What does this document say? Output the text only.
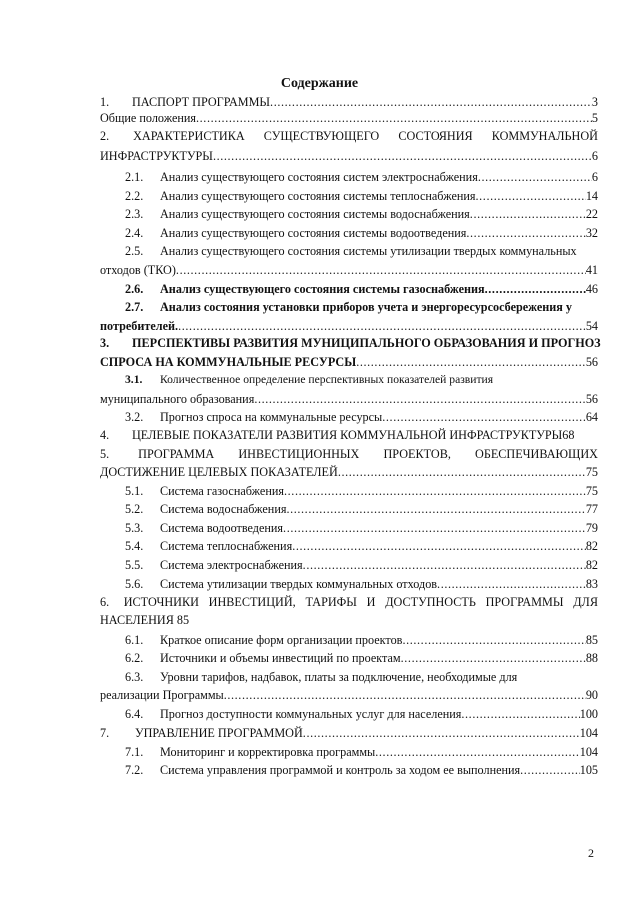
Содержание
1.	ПАСПОРТ ПРОГРАММЫ .....	3
Общие положения .....	5
2.	ХАРАКТЕРИСТИКА СУЩЕСТВУЮЩЕГО СОСТОЯНИЯ КОММУНАЛЬНОЙ
ИНФРАСТРУКТУРЫ .....	6
2.1.	Анализ существующего состояния систем электроснабжения .....	6
2.2.	Анализ существующего состояния системы теплоснабжения .....	14
2.3.	Анализ существующего состояния системы водоснабжения .....	22
2.4.	Анализ существующего состояния системы водоотведения .....	32
2.5. Анализ существующего состояния системы утилизации твердых коммунальных
отходов (ТКО) .....	41
2.6.	Анализ существующего состояния системы газоснабжения .....	46
2.7. Анализ состояния установки приборов учета и энергоресурсосбережения у
потребителей. .....	54
3. ПЕРСПЕКТИВЫ РАЗВИТИЯ МУНИЦИПАЛЬНОГО ОБРАЗОВАНИЯ И ПРОГНОЗ
СПРОСА НА КОММУНАЛЬНЫЕ РЕСУРСЫ .....	56
3.1. Количественное определение перспективных показателей развития
муниципального образования .....	56
3.2.	Прогноз спроса на коммунальные ресурсы .....	64
4. ЦЕЛЕВЫЕ ПОКАЗАТЕЛИ РАЗВИТИЯ КОММУНАЛЬНОЙ ИНФРАСТРУКТУРЫ68
5.	ПРОГРАММА ИНВЕСТИЦИОННЫХ ПРОЕКТОВ, ОБЕСПЕЧИВАЮЩИХ
ДОСТИЖЕНИЕ ЦЕЛЕВЫХ ПОКАЗАТЕЛЕЙ .....	75
5.1.	Система газоснабжения .....	75
5.2.	Система водоснабжения .....	77
5.3.	Система водоотведения .....	79
5.4.	Система теплоснабжения .....	82
5.5.	Система электроснабжения .....	82
5.6.	Система утилизации твердых коммунальных отходов .....	83
6.	ИСТОЧНИКИ ИНВЕСТИЦИЙ, ТАРИФЫ И ДОСТУПНОСТЬ ПРОГРАММЫ ДЛЯ
НАСЕЛЕНИЯ 85
6.1.	Краткое описание форм организации проектов .....	85
6.2.	Источники и объемы инвестиций по проектам .....	88
6.3. Уровни тарифов, надбавок, платы за подключение, необходимые для
реализации Программы .....	90
6.4.	Прогноз доступности коммунальных услуг для населения .....	100
7.	УПРАВЛЕНИЕ ПРОГРАММОЙ .....	104
7.1.	Мониторинг и корректировка программы .....	104
7.2.	Система управления программой и контроль за ходом ее выполнения .....	105
2
